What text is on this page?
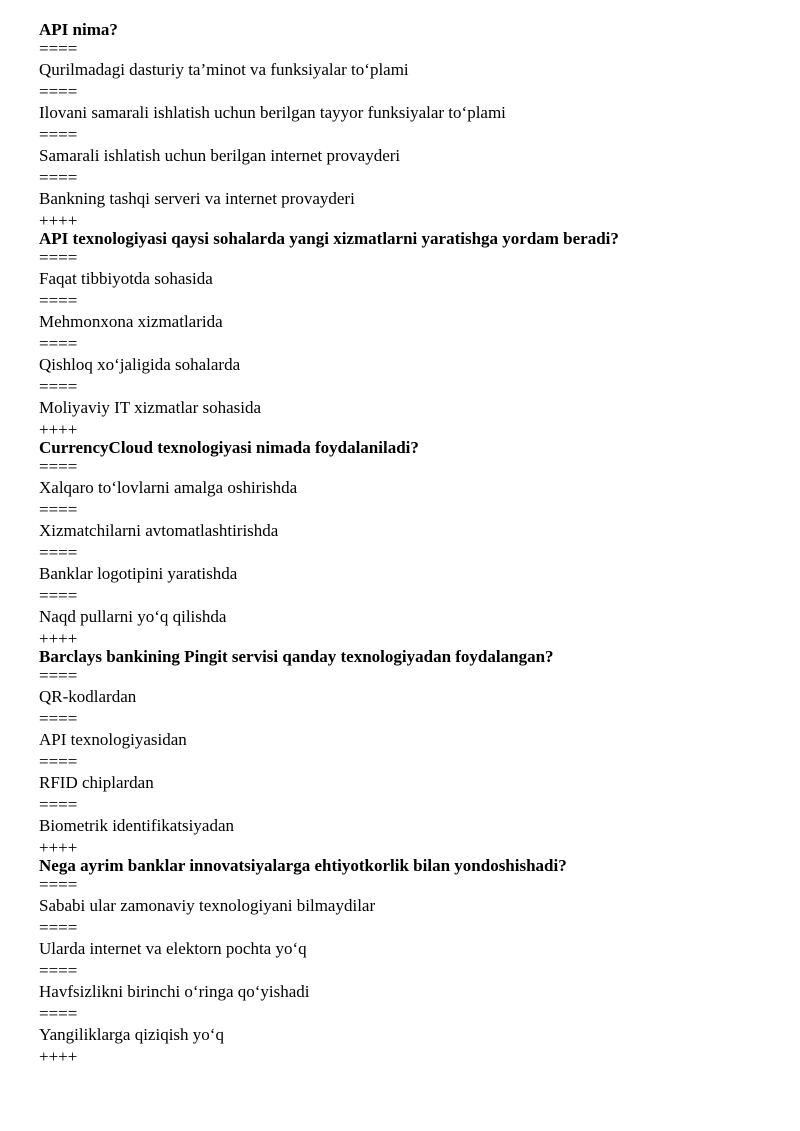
API nima?
====
Qurilmadagi dasturiy ta’minot va funksiyalar to‘plami
====
Ilovani samarali ishlatish uchun berilgan tayyor funksiyalar to‘plami
====
Samarali ishlatish uchun berilgan internet provayderi
====
Bankning tashqi serveri va internet provayderi
++++
API texnologiyasi qaysi sohalarda yangi xizmatlarni yaratishga yordam beradi?
====
Faqat tibbiyotda sohasida
====
Mehmonxona xizmatlarida
====
Qishloq xo‘jaligida sohalarda
====
Moliyaviy IT xizmatlar sohasida
++++
CurrencyCloud texnologiyasi nimada foydalaniladi?
====
Xalqaro to‘lovlarni amalga oshirishda
====
Xizmatchilarni avtomatlashtirishda
====
Banklar logotipini yaratishda
====
Naqd pullarni yo‘q qilishda
++++
Barclays bankining Pingit servisi qanday texnologiyadan foydalangan?
====
QR-kodlardan
====
API texnologiyasidan
====
RFID chiplardan
====
Biometrik identifikatsiyadan
++++
Nega ayrim banklar innovatsiyalarga ehtiyotkorlik bilan yondoshishadi?
====
Sababi ular zamonaviy texnologiyani bilmaydilar
====
Ularda internet va elektorn pochta yo‘q
====
Havfsizlikni birinchi o‘ringa qo‘yishadi
====
Yangiliklarga qiziqish yo‘q
++++
